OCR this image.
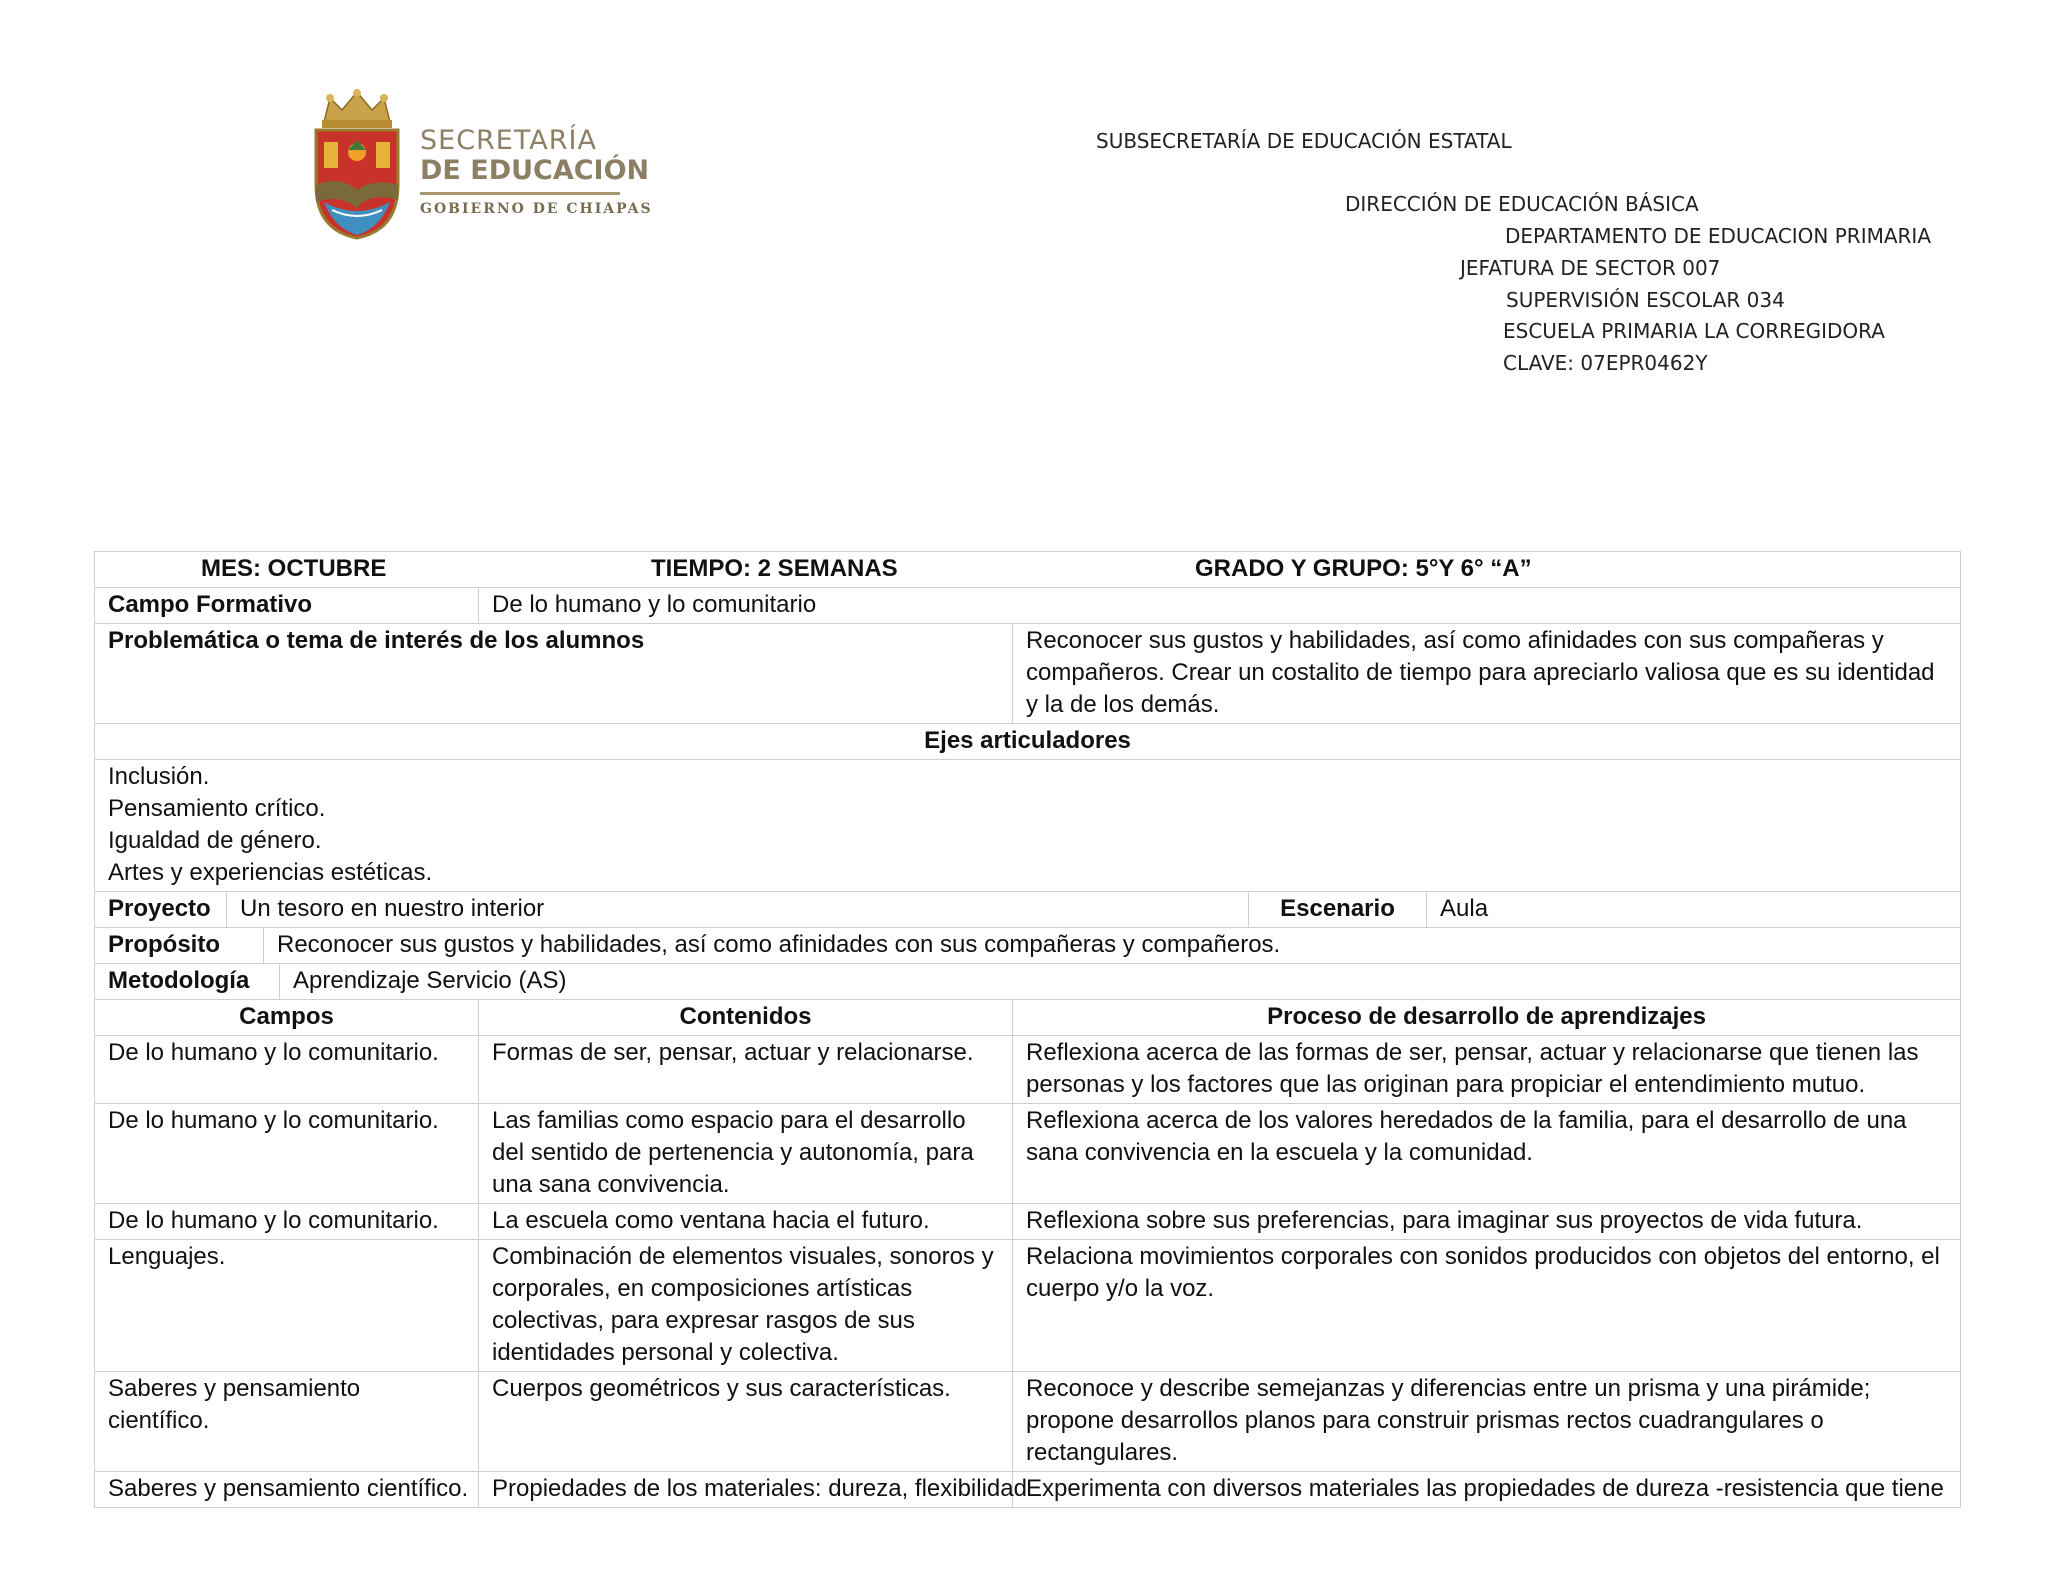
SECRETARÍA
DE EDUCACIÓN
GOBIERNO DE CHIAPAS
SUBSECRETARÍA DE EDUCACIÓN ESTATAL
DIRECCIÓN DE EDUCACIÓN BÁSICA
DEPARTAMENTO DE EDUCACION PRIMARIA
JEFATURA DE SECTOR 007
SUPERVISIÓN ESCOLAR 034
ESCUELA PRIMARIA LA CORREGIDORA
CLAVE: 07EPR0462Y
MES: OCTUBRE TIEMPO: 2 SEMANAS GRADO Y GRUPO: 5°Y 6° “A”							
Campo Formativo				De lo humano y lo comunitario			
Problemática o tema de interés de los alumnos					Reconocer sus gustos y habilidades, así como afinidades con sus compañeras y compañeros. Crear un costalito de tiempo para apreciarlo valiosa que es su identidad y la de los demás.		
Ejes articuladores							

Inclusión.
Pensamiento crítico.
Igualdad de género.
Artes y experiencias estéticas.							

Proyecto	Un tesoro en nuestro interior					Escenario	Aula
Propósito		Reconocer sus gustos y habilidades, así como afinidades con sus compañeras y compañeros.					
Metodología			Aprendizaje Servicio (AS)				
Campos				Contenidos	Proceso de desarrollo de aprendizajes		
De lo humano y lo comunitario.				Formas de ser, pensar, actuar y relacionarse.	Reflexiona acerca de las formas de ser, pensar, actuar y relacionarse que tienen las personas y los factores que las originan para propiciar el entendimiento mutuo.		
De lo humano y lo comunitario.				Las familias como espacio para el desarrollo del sentido de pertenencia y autonomía, para una sana convivencia.	Reflexiona acerca de los valores heredados de la familia, para el desarrollo de una sana convivencia en la escuela y la comunidad.		
De lo humano y lo comunitario.				La escuela como ventana hacia el futuro.	Reflexiona sobre sus preferencias, para imaginar sus proyectos de vida futura.		
Lenguajes.				Combinación de elementos visuales, sonoros y corporales, en composiciones artísticas colectivas, para expresar rasgos de sus identidades personal y colectiva.	Relaciona movimientos corporales con sonidos producidos con objetos del entorno, el cuerpo y/o la voz.		
Saberes y pensamiento científico.				Cuerpos geométricos y sus características.	Reconoce y describe semejanzas y diferencias entre un prisma y una pirámide; propone desarrollos planos para construir prismas rectos cuadrangulares o rectangulares.		
Saberes y pensamiento científico.				Propiedades de los materiales: dureza, flexibilidad	Experimenta con diversos materiales las propiedades de dureza -resistencia que tiene		
